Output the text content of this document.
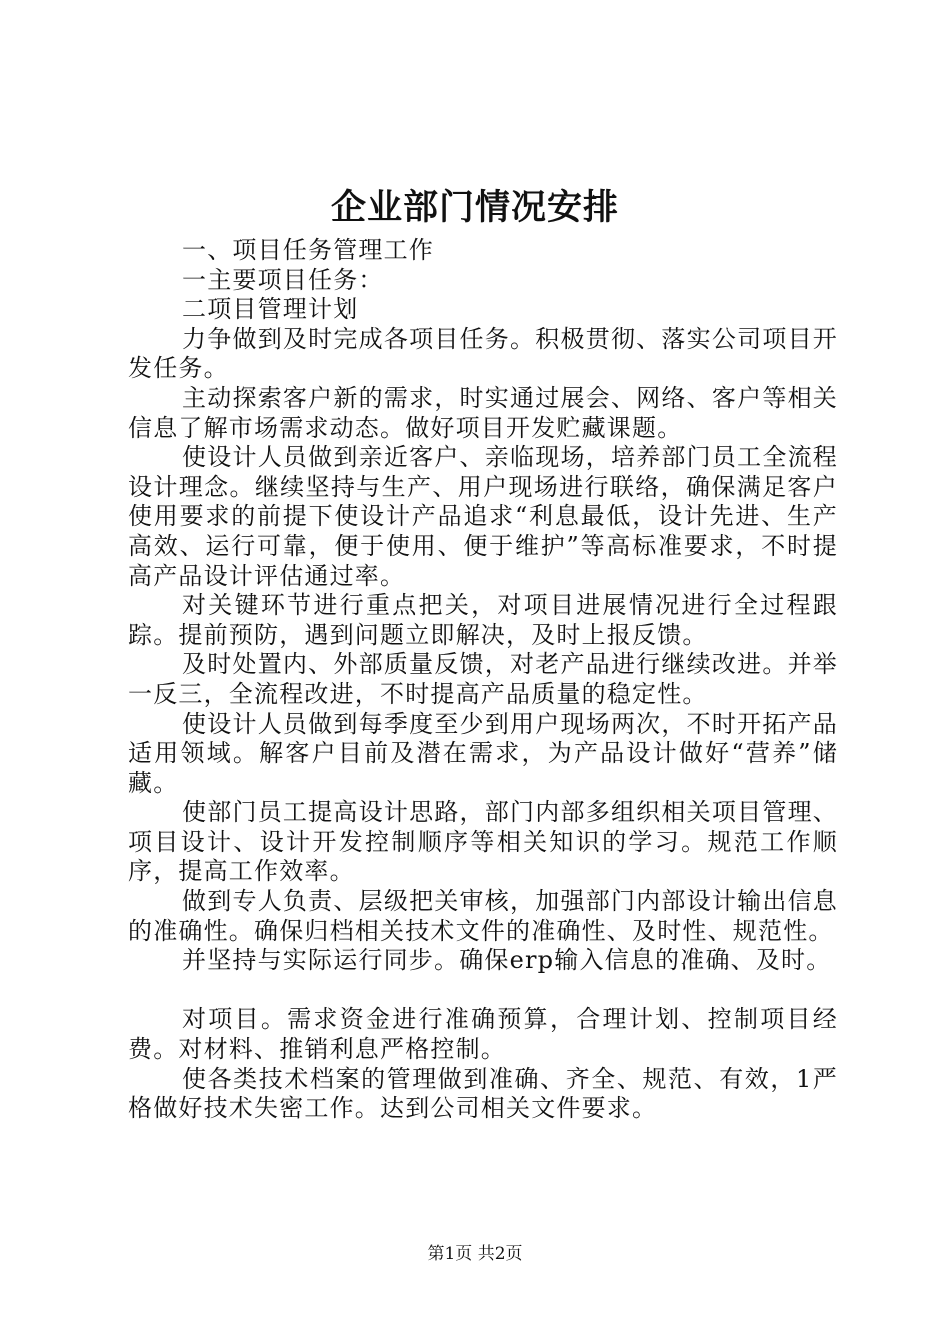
企业部门情况安排

一、项目任务管理工作

一主要项目任务：

二项目管理计划

力争做到及时完成各项目任务。积极贯彻、落实公司项目开发任务。

主动探索客户新的需求，时实通过展会、网络、客户等相关信息了解市场需求动态。做好项目开发贮藏课题。

使设计人员做到亲近客户、亲临现场，培养部门员工全流程设计理念。继续坚持与生产、用户现场进行联络，确保满足客户使用要求的前提下使设计产品追求“利息最低，设计先进、生产高效、运行可靠，便于使用、便于维护”等高标准要求，不时提高产品设计评估通过率。

对关键环节进行重点把关，对项目进展情况进行全过程跟踪。提前预防，遇到问题立即解决，及时上报反馈。

及时处置内、外部质量反馈，对老产品进行继续改进。并举一反三，全流程改进，不时提高产品质量的稳定性。

使设计人员做到每季度至少到用户现场两次，不时开拓产品适用领域。解客户目前及潜在需求，为产品设计做好“营养”储藏。

使部门员工提高设计思路，部门内部多组织相关项目管理、项目设计、设计开发控制顺序等相关知识的学习。规范工作顺序，提高工作效率。

做到专人负责、层级把关审核，加强部门内部设计输出信息的准确性。确保归档相关技术文件的准确性、及时性、规范性。

并坚持与实际运行同步。确保erp输入信息的准确、及时。

对项目。需求资金进行准确预算，合理计划、控制项目经费。对材料、推销利息严格控制。

使各类技术档案的管理做到准确、齐全、规范、有效，1严格做好技术失密工作。达到公司相关文件要求。

第1页 共2页
